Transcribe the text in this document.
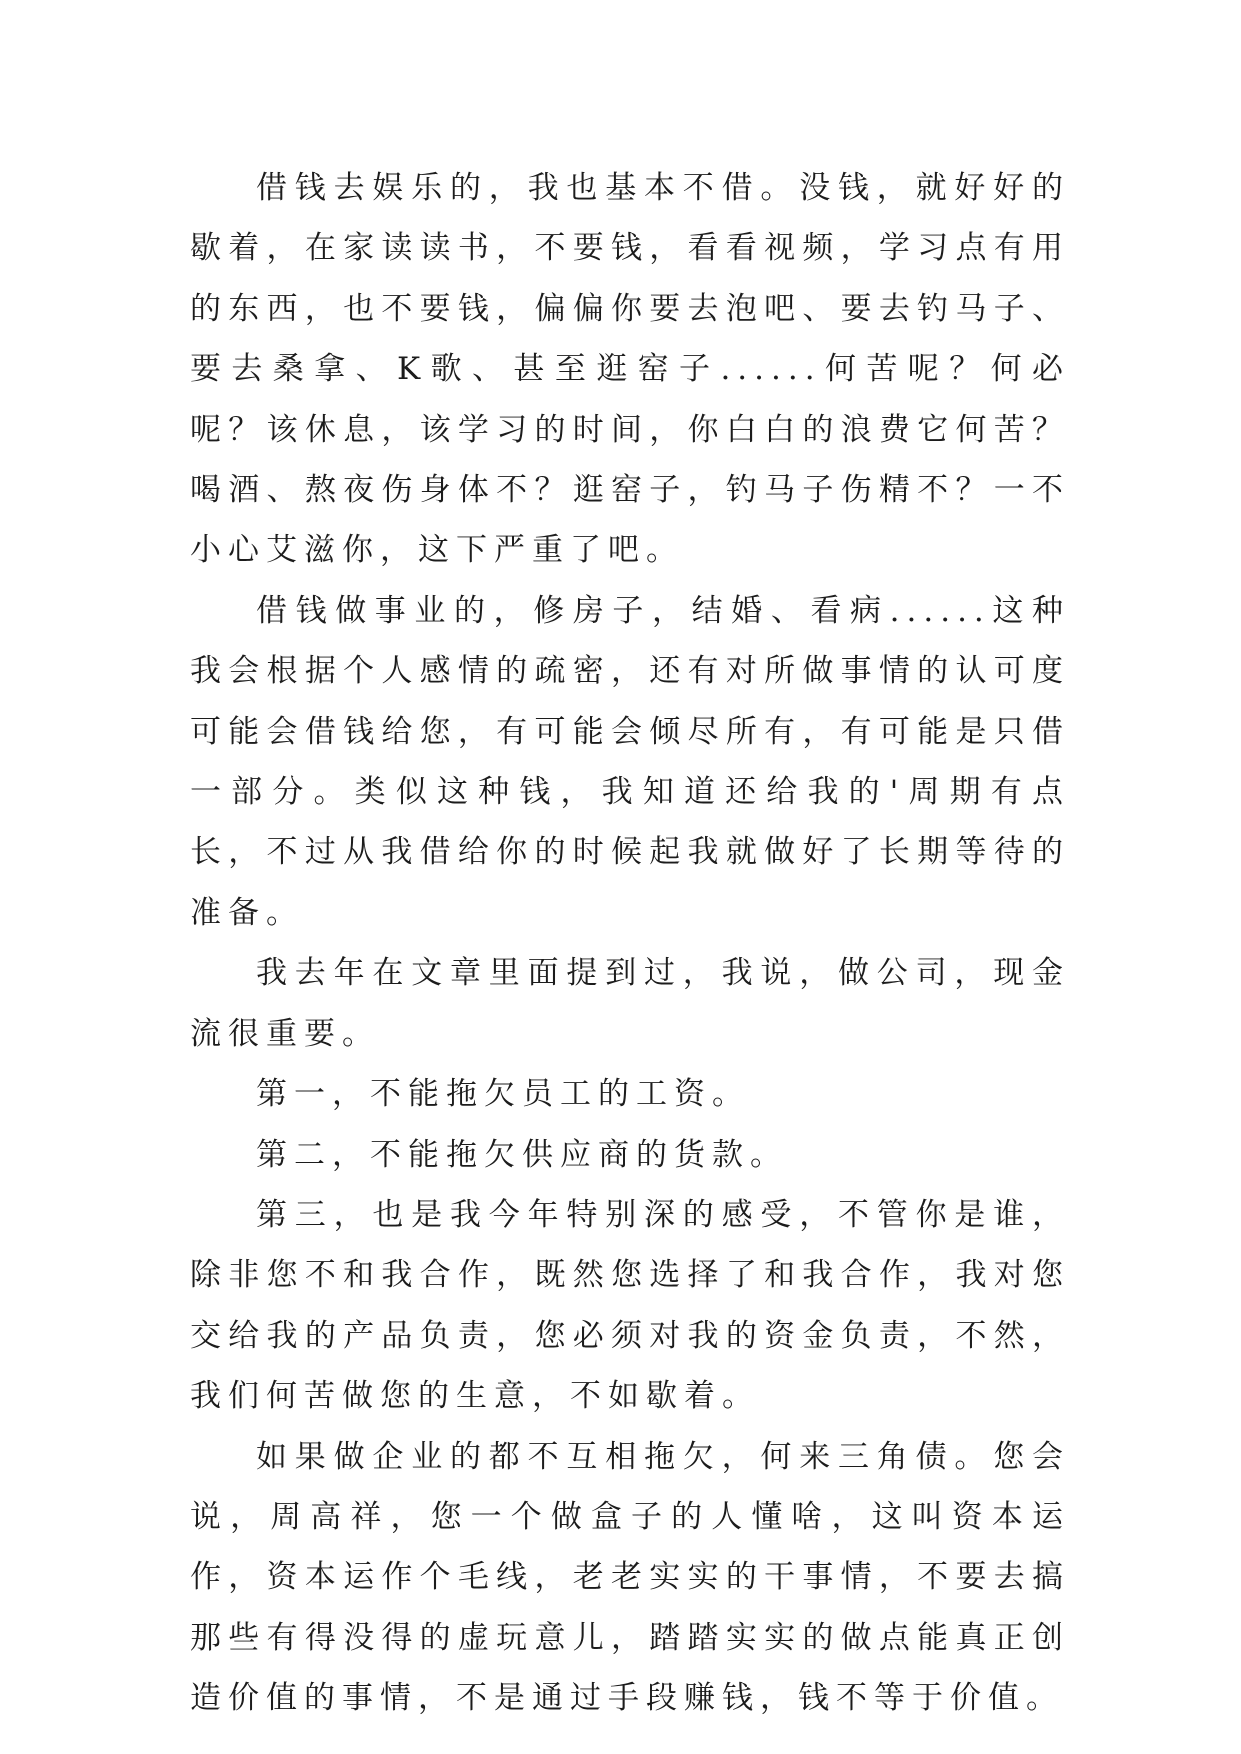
借钱去娱乐的，我也基本不借。没钱，就好好的歇着，在家读读书，不要钱，看看视频，学习点有用的东西，也不要钱，偏偏你要去泡吧、要去钓马子、要去桑拿、K歌、甚至逛窑子......何苦呢？何必呢？该休息，该学习的时间，你白白的浪费它何苦？喝酒、熬夜伤身体不？逛窑子，钓马子伤精不？一不小心艾滋你，这下严重了吧。

借钱做事业的，修房子，结婚、看病......这种我会根据个人感情的疏密，还有对所做事情的认可度可能会借钱给您，有可能会倾尽所有，有可能是只借一部分。类似这种钱，我知道还给我的'周期有点长，不过从我借给你的时候起我就做好了长期等待的准备。

我去年在文章里面提到过，我说，做公司，现金流很重要。

第一，不能拖欠员工的工资。

第二，不能拖欠供应商的货款。

第三，也是我今年特别深的感受，不管你是谁，除非您不和我合作，既然您选择了和我合作，我对您交给我的产品负责，您必须对我的资金负责，不然，我们何苦做您的生意，不如歇着。

如果做企业的都不互相拖欠，何来三角债。您会说，周高祥，您一个做盒子的人懂啥，这叫资本运作，资本运作个毛线，老老实实的干事情，不要去搞那些有得没得的虚玩意儿，踏踏实实的做点能真正创造价值的事情，不是通过手段赚钱，钱不等于价值。
